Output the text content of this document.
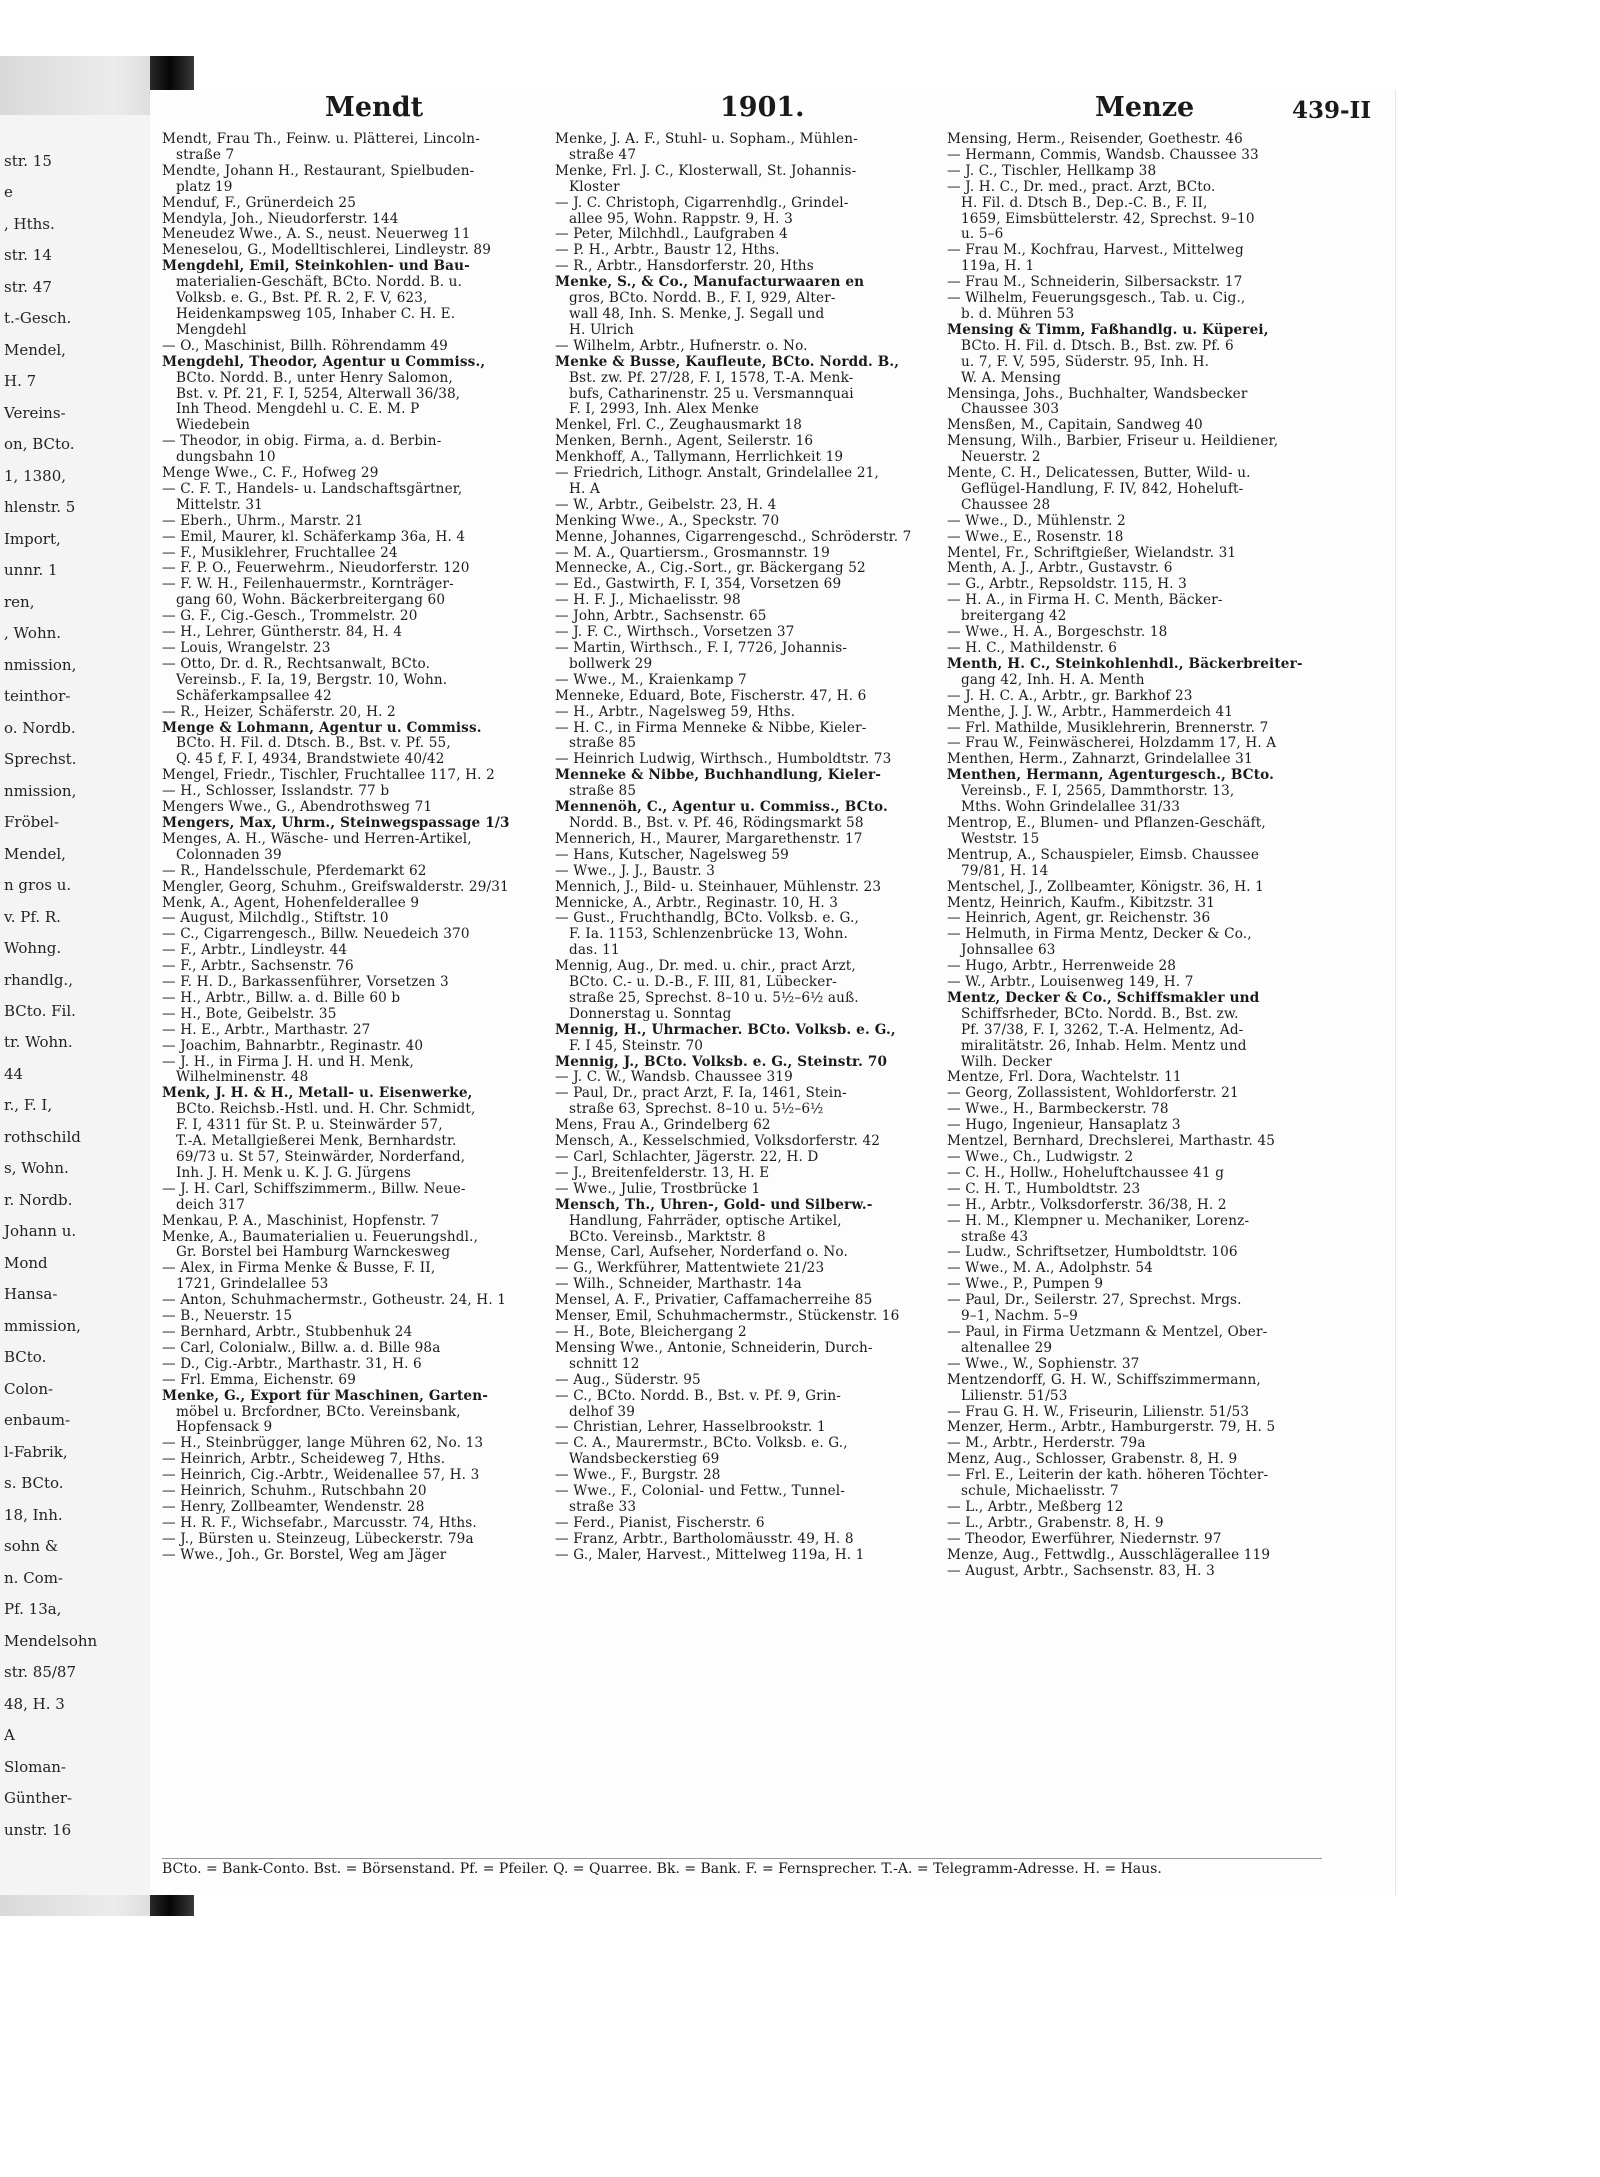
Mendt	1901.	Menze	439-II
Mendt, Frau Th., Feinw. u. Plätterei, Lincoln-
straße 7
Mendte, Johann H., Restaurant, Spielbuden-
platz 19
Menduf, F., Grünerdeich 25
Mendyla, Joh., Nieudorferstr. 144
Meneudez Wwe., A. S., neust. Neuerweg 11
Meneselou, G., Modelltischlerei, Lindleystr. 89
Mengdehl, Emil, Steinkohlen- und Bau-
materialien-Geschäft, BCto. Nordd. B. u.
Volksb. e. G., Bst. Pf. R. 2, F. V, 623,
Heidenkampsweg 105, Inhaber C. H. E.
Mengdehl
— O., Maschinist, Billh. Röhrendamm 49
Mengdehl, Theodor, Agentur u Commiss.,
BCto. Nordd. B., unter Henry Salomon,
Bst. v. Pf. 21, F. I, 5254, Alterwall 36/38,
Inh Theod. Mengdehl u. C. E. M. P
Wiedebein
— Theodor, in obig. Firma, a. d. Berbin-
dungsbahn 10
Menge Wwe., C. F., Hofweg 29
— C. F. T., Handels- u. Landschaftsgärtner,
Mittelstr. 31
— Eberh., Uhrm., Marstr. 21
— Emil, Maurer, kl. Schäferkamp 36a, H. 4
— F., Musiklehrer, Fruchtallee 24
— F. P. O., Feuerwehrm., Nieudorferstr. 120
— F. W. H., Feilenhauermstr., Kornträger-
gang 60, Wohn. Bäckerbreitergang 60
— G. F., Cig.-Gesch., Trommelstr. 20
— H., Lehrer, Güntherstr. 84, H. 4
— Louis, Wrangelstr. 23
— Otto, Dr. d. R., Rechtsanwalt, BCto.
Vereinsb., F. Ia, 19, Bergstr. 10, Wohn.
Schäferkampsallee 42
— R., Heizer, Schäferstr. 20, H. 2
Menge & Lohmann, Agentur u. Commiss.
BCto. H. Fil. d. Dtsch. B., Bst. v. Pf. 55,
Q. 45 f, F. I, 4934, Brandstwiete 40/42
Mengel, Friedr., Tischler, Fruchtallee 117, H. 2
— H., Schlosser, Isslandstr. 77 b
Mengers Wwe., G., Abendrothsweg 71
Mengers, Max, Uhrm., Steinwegspassage 1/3
Menges, A. H., Wäsche- und Herren-Artikel,
Colonnaden 39
— R., Handelsschule, Pferdemarkt 62
Mengler, Georg, Schuhm., Greifswalderstr. 29/31
Menk, A., Agent, Hohenfelderallee 9
— August, Milchdlg., Stiftstr. 10
— C., Cigarrengesch., Billw. Neuedeich 370
— F., Arbtr., Lindleystr. 44
— F., Arbtr., Sachsenstr. 76
— F. H. D., Barkassenführer, Vorsetzen 3
— H., Arbtr., Billw. a. d. Bille 60 b
— H., Bote, Geibelstr. 35
— H. E., Arbtr., Marthastr. 27
— Joachim, Bahnarbtr., Reginastr. 40
— J. H., in Firma J. H. und H. Menk,
Wilhelminenstr. 48
Menk, J. H. & H., Metall- u. Eisenwerke,
BCto. Reichsb.-Hstl. und. H. Chr. Schmidt,
F. I, 4311 für St. P. u. Steinwärder 57,
T.-A. Metallgießerei Menk, Bernhardstr.
69/73 u. St 57, Steinwärder, Norderfand,
Inh. J. H. Menk u. K. J. G. Jürgens
— J. H. Carl, Schiffszimmerm., Billw. Neue-
deich 317
Menkau, P. A., Maschinist, Hopfenstr. 7
Menke, A., Baumaterialien u. Feuerungshdl.,
Gr. Borstel bei Hamburg Warnckesweg
— Alex, in Firma Menke & Busse, F. II,
1721, Grindelallee 53
— Anton, Schuhmachermstr., Gotheustr. 24, H. 1
— B., Neuerstr. 15
— Bernhard, Arbtr., Stubbenhuk 24
— Carl, Colonialw., Billw. a. d. Bille 98a
— D., Cig.-Arbtr., Marthastr. 31, H. 6
— Frl. Emma, Eichenstr. 69
Menke, G., Export für Maschinen, Garten-
möbel u. Brcfordner, BCto. Vereinsbank,
Hopfensack 9
— H., Steinbrügger, lange Mühren 62, No. 13
— Heinrich, Arbtr., Scheideweg 7, Hths.
— Heinrich, Cig.-Arbtr., Weidenallee 57, H. 3
— Heinrich, Schuhm., Rutschbahn 20
— Henry, Zollbeamter, Wendenstr. 28
— H. R. F., Wichsefabr., Marcusstr. 74, Hths.
— J., Bürsten u. Steinzeug, Lübeckerstr. 79a
— Wwe., Joh., Gr. Borstel, Weg am Jäger
Menke, J. A. F., Stuhl- u. Sopham., Mühlen-
straße 47
Menke, Frl. J. C., Klosterwall, St. Johannis-
Kloster
— J. C. Christoph, Cigarrenhdlg., Grindel-
allee 95, Wohn. Rappstr. 9, H. 3
— Peter, Milchhdl., Laufgraben 4
— P. H., Arbtr., Baustr 12, Hths.
— R., Arbtr., Hansdorferstr. 20, Hths
Menke, S., & Co., Manufacturwaaren en
gros, BCto. Nordd. B., F. I, 929, Alter-
wall 48, Inh. S. Menke, J. Segall und
H. Ulrich
— Wilhelm, Arbtr., Hufnerstr. o. No.
Menke & Busse, Kaufleute, BCto. Nordd. B.,
Bst. zw. Pf. 27/28, F. I, 1578, T.-A. Menk-
bufs, Catharinenstr. 25 u. Versmannquai
F. I, 2993, Inh. Alex Menke
Menkel, Frl. C., Zeughausmarkt 18
Menken, Bernh., Agent, Seilerstr. 16
Menkhoff, A., Tallymann, Herrlichkeit 19
— Friedrich, Lithogr. Anstalt, Grindelallee 21,
H. A
— W., Arbtr., Geibelstr. 23, H. 4
Menking Wwe., A., Speckstr. 70
Menne, Johannes, Cigarrengeschd., Schröderstr. 7
— M. A., Quartiersm., Grosmannstr. 19
Mennecke, A., Cig.-Sort., gr. Bäckergang 52
— Ed., Gastwirth, F. I, 354, Vorsetzen 69
— H. F. J., Michaelisstr. 98
— John, Arbtr., Sachsenstr. 65
— J. F. C., Wirthsch., Vorsetzen 37
— Martin, Wirthsch., F. I, 7726, Johannis-
bollwerk 29
— Wwe., M., Kraienkamp 7
Menneke, Eduard, Bote, Fischerstr. 47, H. 6
— H., Arbtr., Nagelsweg 59, Hths.
— H. C., in Firma Menneke & Nibbe, Kieler-
straße 85
— Heinrich Ludwig, Wirthsch., Humboldtstr. 73
Menneke & Nibbe, Buchhandlung, Kieler-
straße 85
Mennenöh, C., Agentur u. Commiss., BCto.
Nordd. B., Bst. v. Pf. 46, Rödingsmarkt 58
Mennerich, H., Maurer, Margarethenstr. 17
— Hans, Kutscher, Nagelsweg 59
— Wwe., J. J., Baustr. 3
Mennich, J., Bild- u. Steinhauer, Mühlenstr. 23
Mennicke, A., Arbtr., Reginastr. 10, H. 3
— Gust., Fruchthandlg, BCto. Volksb. e. G.,
F. Ia. 1153, Schlenzenbrücke 13, Wohn.
das. 11
Mennig, Aug., Dr. med. u. chir., pract Arzt,
BCto. C.- u. D.-B., F. III, 81, Lübecker-
straße 25, Sprechst. 8–10 u. 5½–6½ auß.
Donnerstag u. Sonntag
Mennig, H., Uhrmacher. BCto. Volksb. e. G.,
F. I 45, Steinstr. 70
Mennig, J., BCto. Volksb. e. G., Steinstr. 70
— J. C. W., Wandsb. Chaussee 319
— Paul, Dr., pract Arzt, F. Ia, 1461, Stein-
straße 63, Sprechst. 8–10 u. 5½–6½
Mens, Frau A., Grindelberg 62
Mensch, A., Kesselschmied, Volksdorferstr. 42
— Carl, Schlachter, Jägerstr. 22, H. D
— J., Breitenfelderstr. 13, H. E
— Wwe., Julie, Trostbrücke 1
Mensch, Th., Uhren-, Gold- und Silberw.-
Handlung, Fahrräder, optische Artikel,
BCto. Vereinsb., Marktstr. 8
Mense, Carl, Aufseher, Norderfand o. No.
— G., Werkführer, Mattentwiete 21/23
— Wilh., Schneider, Marthastr. 14a
Mensel, A. F., Privatier, Caffamacherreihe 85
Menser, Emil, Schuhmachermstr., Stückenstr. 16
— H., Bote, Bleichergang 2
Mensing Wwe., Antonie, Schneiderin, Durch-
schnitt 12
— Aug., Süderstr. 95
— C., BCto. Nordd. B., Bst. v. Pf. 9, Grin-
delhof 39
— Christian, Lehrer, Hasselbrookstr. 1
— C. A., Maurermstr., BCto. Volksb. e. G.,
Wandsbeckerstieg 69
— Wwe., F., Burgstr. 28
— Wwe., F., Colonial- und Fettw., Tunnel-
straße 33
— Ferd., Pianist, Fischerstr. 6
— Franz, Arbtr., Bartholomäusstr. 49, H. 8
— G., Maler, Harvest., Mittelweg 119a, H. 1
Mensing, Herm., Reisender, Goethestr. 46
— Hermann, Commis, Wandsb. Chaussee 33
— J. C., Tischler, Hellkamp 38
— J. H. C., Dr. med., pract. Arzt, BCto.
H. Fil. d. Dtsch B., Dep.-C. B., F. II,
1659, Eimsbüttelerstr. 42, Sprechst. 9–10
u. 5–6
— Frau M., Kochfrau, Harvest., Mittelweg
119a, H. 1
— Frau M., Schneiderin, Silbersackstr. 17
— Wilhelm, Feuerungsgesch., Tab. u. Cig.,
b. d. Mühren 53
Mensing & Timm, Faßhandlg. u. Küperei,
BCto. H. Fil. d. Dtsch. B., Bst. zw. Pf. 6
u. 7, F. V, 595, Süderstr. 95, Inh. H.
W. A. Mensing
Mensinga, Johs., Buchhalter, Wandsbecker
Chaussee 303
Mensßen, M., Capitain, Sandweg 40
Mensung, Wilh., Barbier, Friseur u. Heildiener,
Neuerstr. 2
Mente, C. H., Delicatessen, Butter, Wild- u.
Geflügel-Handlung, F. IV, 842, Hoheluft-
Chaussee 28
— Wwe., D., Mühlenstr. 2
— Wwe., E., Rosenstr. 18
Mentel, Fr., Schriftgießer, Wielandstr. 31
Menth, A. J., Arbtr., Gustavstr. 6
— G., Arbtr., Repsoldstr. 115, H. 3
— H. A., in Firma H. C. Menth, Bäcker-
breitergang 42
— Wwe., H. A., Borgeschstr. 18
— H. C., Mathildenstr. 6
Menth, H. C., Steinkohlenhdl., Bäckerbreiter-
gang 42, Inh. H. A. Menth
— J. H. C. A., Arbtr., gr. Barkhof 23
Menthe, J. J. W., Arbtr., Hammerdeich 41
— Frl. Mathilde, Musiklehrerin, Brennerstr. 7
— Frau W., Feinwäscherei, Holzdamm 17, H. A
Menthen, Herm., Zahnarzt, Grindelallee 31
Menthen, Hermann, Agenturgesch., BCto.
Vereinsb., F. I, 2565, Dammthorstr. 13,
Mths. Wohn Grindelallee 31/33
Mentrop, E., Blumen- und Pflanzen-Geschäft,
Weststr. 15
Mentrup, A., Schauspieler, Eimsb. Chaussee
79/81, H. 14
Mentschel, J., Zollbeamter, Königstr. 36, H. 1
Mentz, Heinrich, Kaufm., Kibitzstr. 31
— Heinrich, Agent, gr. Reichenstr. 36
— Helmuth, in Firma Mentz, Decker & Co.,
Johnsallee 63
— Hugo, Arbtr., Herrenweide 28
— W., Arbtr., Louisenweg 149, H. 7
Mentz, Decker & Co., Schiffsmakler und
Schiffsrheder, BCto. Nordd. B., Bst. zw.
Pf. 37/38, F. I, 3262, T.-A. Helmentz, Ad-
miralitätstr. 26, Inhab. Helm. Mentz und
Wilh. Decker
Mentze, Frl. Dora, Wachtelstr. 11
— Georg, Zollassistent, Wohldorferstr. 21
— Wwe., H., Barmbeckerstr. 78
— Hugo, Ingenieur, Hansaplatz 3
Mentzel, Bernhard, Drechslerei, Marthastr. 45
— Wwe., Ch., Ludwigstr. 2
— C. H., Hollw., Hoheluftchaussee 41 g
— C. H. T., Humboldtstr. 23
— H., Arbtr., Volksdorferstr. 36/38, H. 2
— H. M., Klempner u. Mechaniker, Lorenz-
straße 43
— Ludw., Schriftsetzer, Humboldtstr. 106
— Wwe., M. A., Adolphstr. 54
— Wwe., P., Pumpen 9
— Paul, Dr., Seilerstr. 27, Sprechst. Mrgs.
9–1, Nachm. 5–9
— Paul, in Firma Uetzmann & Mentzel, Ober-
altenallee 29
— Wwe., W., Sophienstr. 37
Mentzendorff, G. H. W., Schiffszimmermann,
Lilienstr. 51/53
— Frau G. H. W., Friseurin, Lilienstr. 51/53
Menzer, Herm., Arbtr., Hamburgerstr. 79, H. 5
— M., Arbtr., Herderstr. 79a
Menz, Aug., Schlosser, Grabenstr. 8, H. 9
— Frl. E., Leiterin der kath. höheren Töchter-
schule, Michaelisstr. 7
— L., Arbtr., Meßberg 12
— L., Arbtr., Grabenstr. 8, H. 9
— Theodor, Ewerführer, Niedernstr. 97
Menze, Aug., Fettwdlg., Ausschlägerallee 119
— August, Arbtr., Sachsenstr. 83, H. 3
str. 15
e
, Hths.
str. 14
str. 47
t.-Gesch.
Mendel,
H. 7
Vereins-
on, BCto.
1, 1380,
hlenstr. 5
Import,
unnr. 1
ren,
, Wohn.
nmission,
teinthor-
o. Nordb.
Sprechst.
nmission,
Fröbel-
Mendel,
n gros u.
v. Pf. R.
Wohng.
rhandlg.,
BCto. Fil.
tr. Wohn.
44
r., F. I,
rothschild
s, Wohn.
r. Nordb.
Johann u.
Mond
Hansa-
mmission,
BCto.
Colon-
enbaum-
l-Fabrik,
s. BCto.
18, Inh.
sohn &
n. Com-
Pf. 13a,
Mendelsohn
str. 85/87
48, H. 3
A
Sloman-
Günther-
unstr. 16
BCto. = Bank-Conto. Bst. = Börsenstand. Pf. = Pfeiler. Q. = Quarree. Bk. = Bank. F. = Fernsprecher. T.-A. = Telegramm-Adresse. H. = Haus.
